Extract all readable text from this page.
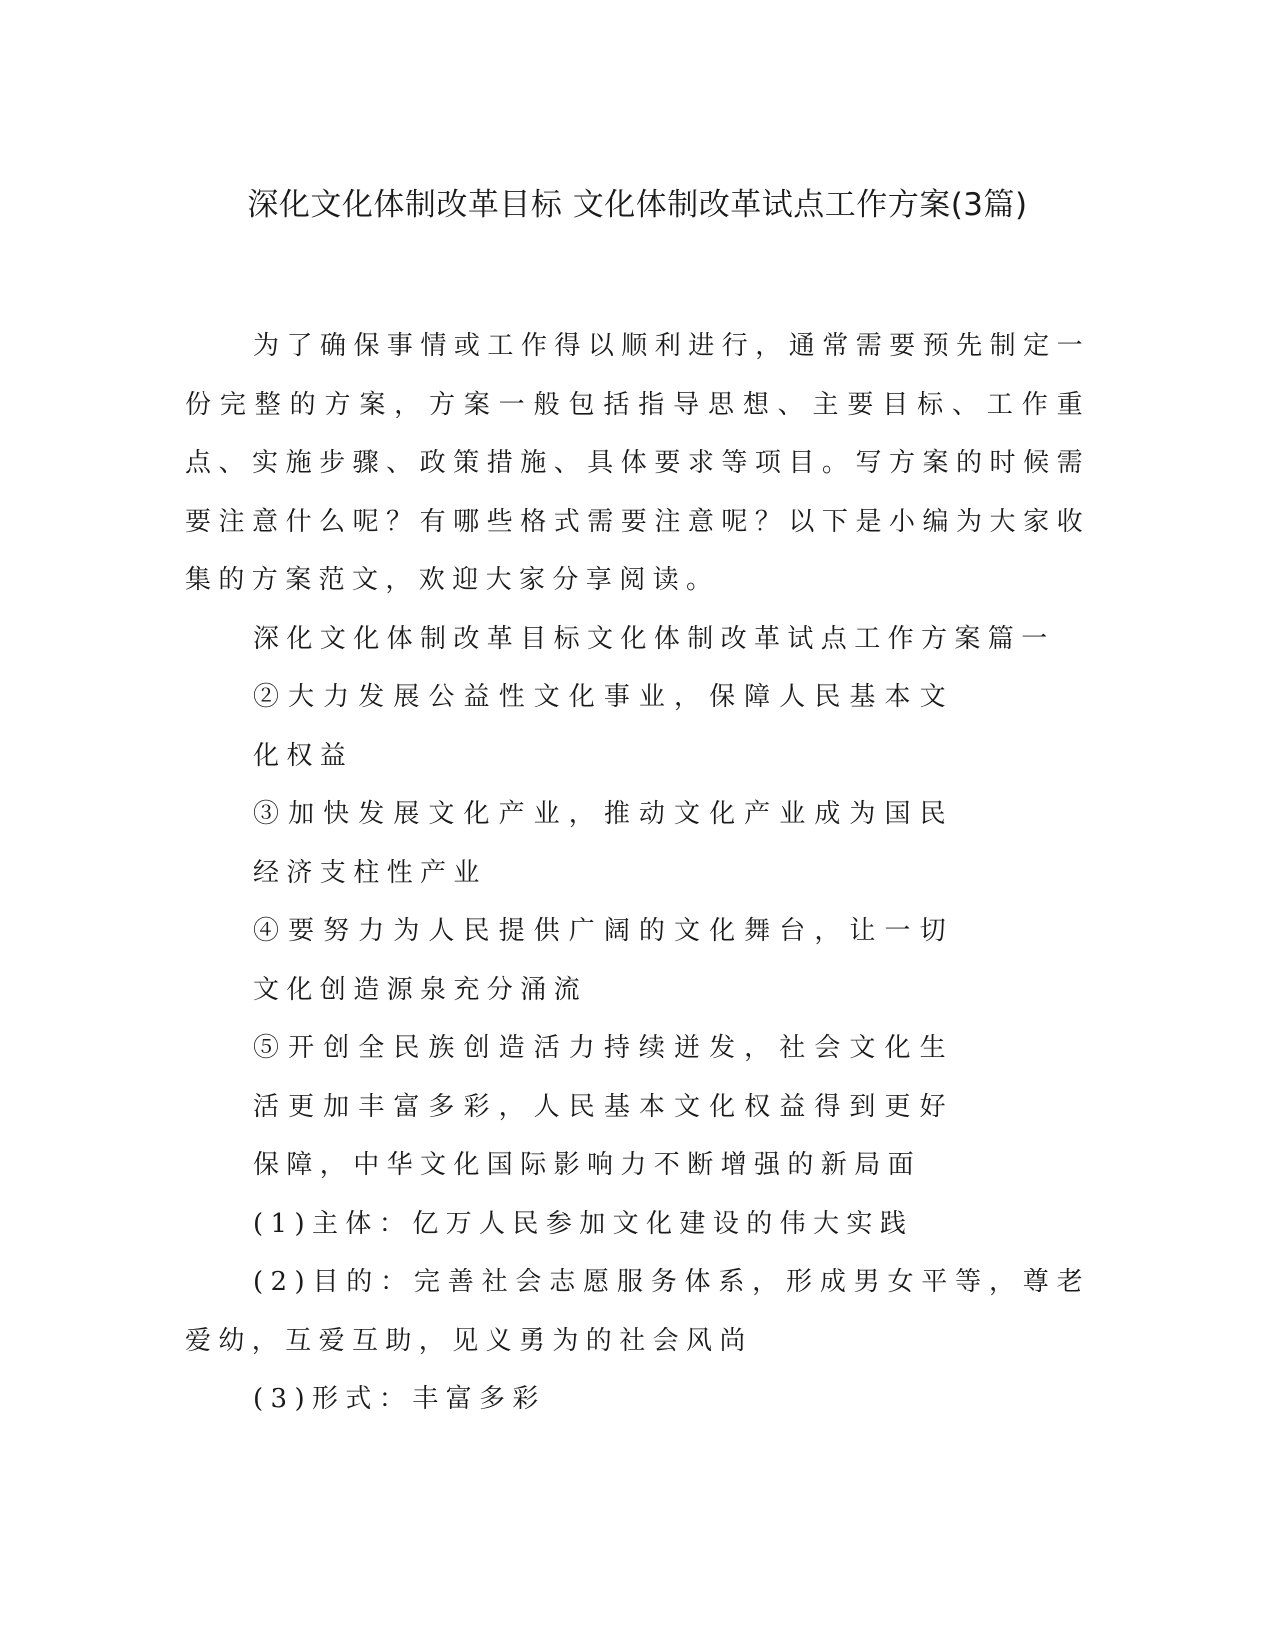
深化文化体制改革目标 文化体制改革试点工作方案(3篇)

为了确保事情或工作得以顺利进行，通常需要预先制定一份完整的方案，方案一般包括指导思想、主要目标、工作重点、实施步骤、政策措施、具体要求等项目。写方案的时候需要注意什么呢？有哪些格式需要注意呢？以下是小编为大家收集的方案范文，欢迎大家分享阅读。

深化文化体制改革目标文化体制改革试点工作方案篇一

②大力发展公益性文化事业，保障人民基本文化权益

③加快发展文化产业，推动文化产业成为国民经济支柱性产业

④要努力为人民提供广阔的文化舞台，让一切文化创造源泉充分涌流

⑤开创全民族创造活力持续迸发，社会文化生活更加丰富多彩，人民基本文化权益得到更好保障，中华文化国际影响力不断增强的新局面

(1)主体：亿万人民参加文化建设的伟大实践

(2)目的：完善社会志愿服务体系，形成男女平等，尊老爱幼，互爱互助，见义勇为的社会风尚

(3)形式：丰富多彩
